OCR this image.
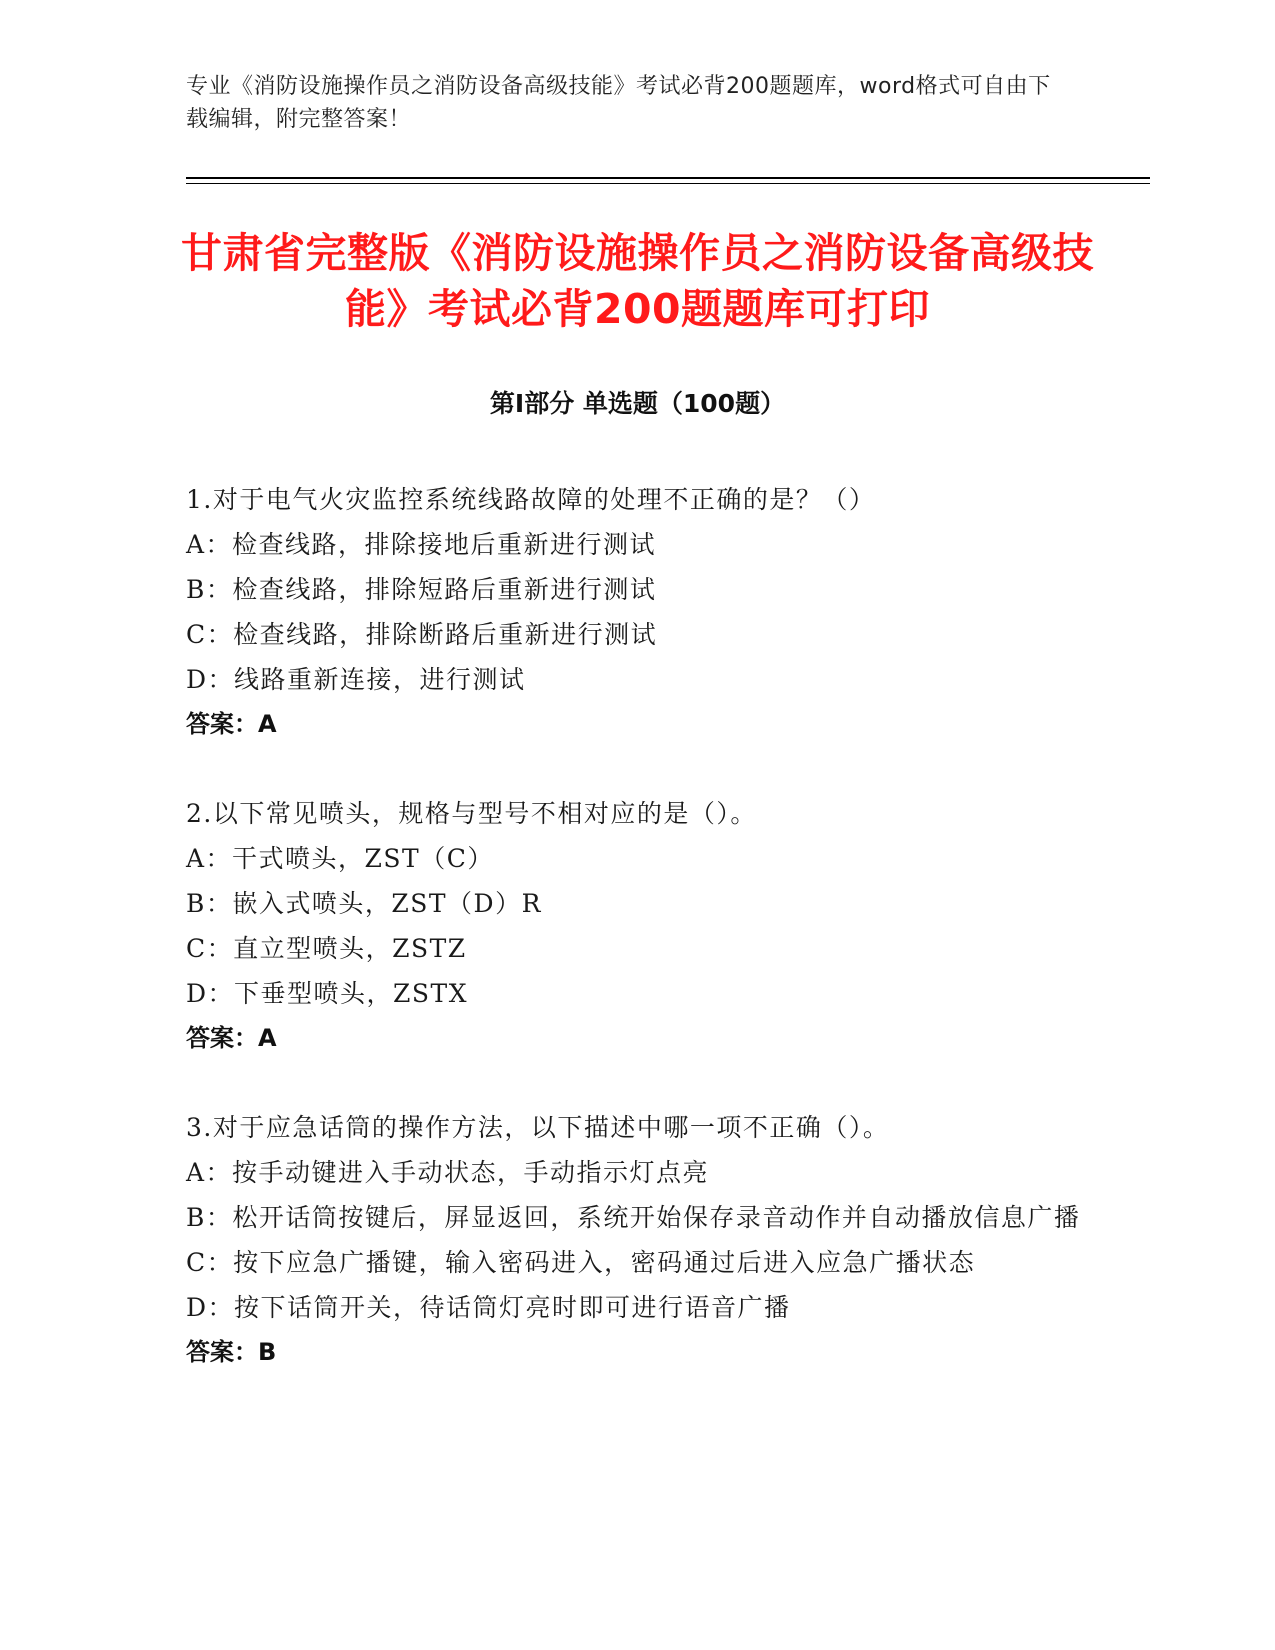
专业《消防设施操作员之消防设备高级技能》考试必背200题题库，word格式可自由下载编辑，附完整答案！
甘肃省完整版《消防设施操作员之消防设备高级技能》考试必背200题题库可打印
第Ⅰ部分 单选题（100题）
1.对于电气火灾监控系统线路故障的处理不正确的是？（）
A：检查线路，排除接地后重新进行测试
B：检查线路，排除短路后重新进行测试
C：检查线路，排除断路后重新进行测试
D：线路重新连接，进行测试
答案：A
2.以下常见喷头，规格与型号不相对应的是（）。
A：干式喷头，ZST（C）
B：嵌入式喷头，ZST（D）R
C：直立型喷头，ZSTZ
D：下垂型喷头，ZSTX
答案：A
3.对于应急话筒的操作方法，以下描述中哪一项不正确（）。
A：按手动键进入手动状态，手动指示灯点亮
B：松开话筒按键后，屏显返回，系统开始保存录音动作并自动播放信息广播
C：按下应急广播键，输入密码进入，密码通过后进入应急广播状态
D：按下话筒开关，待话筒灯亮时即可进行语音广播
答案：B
